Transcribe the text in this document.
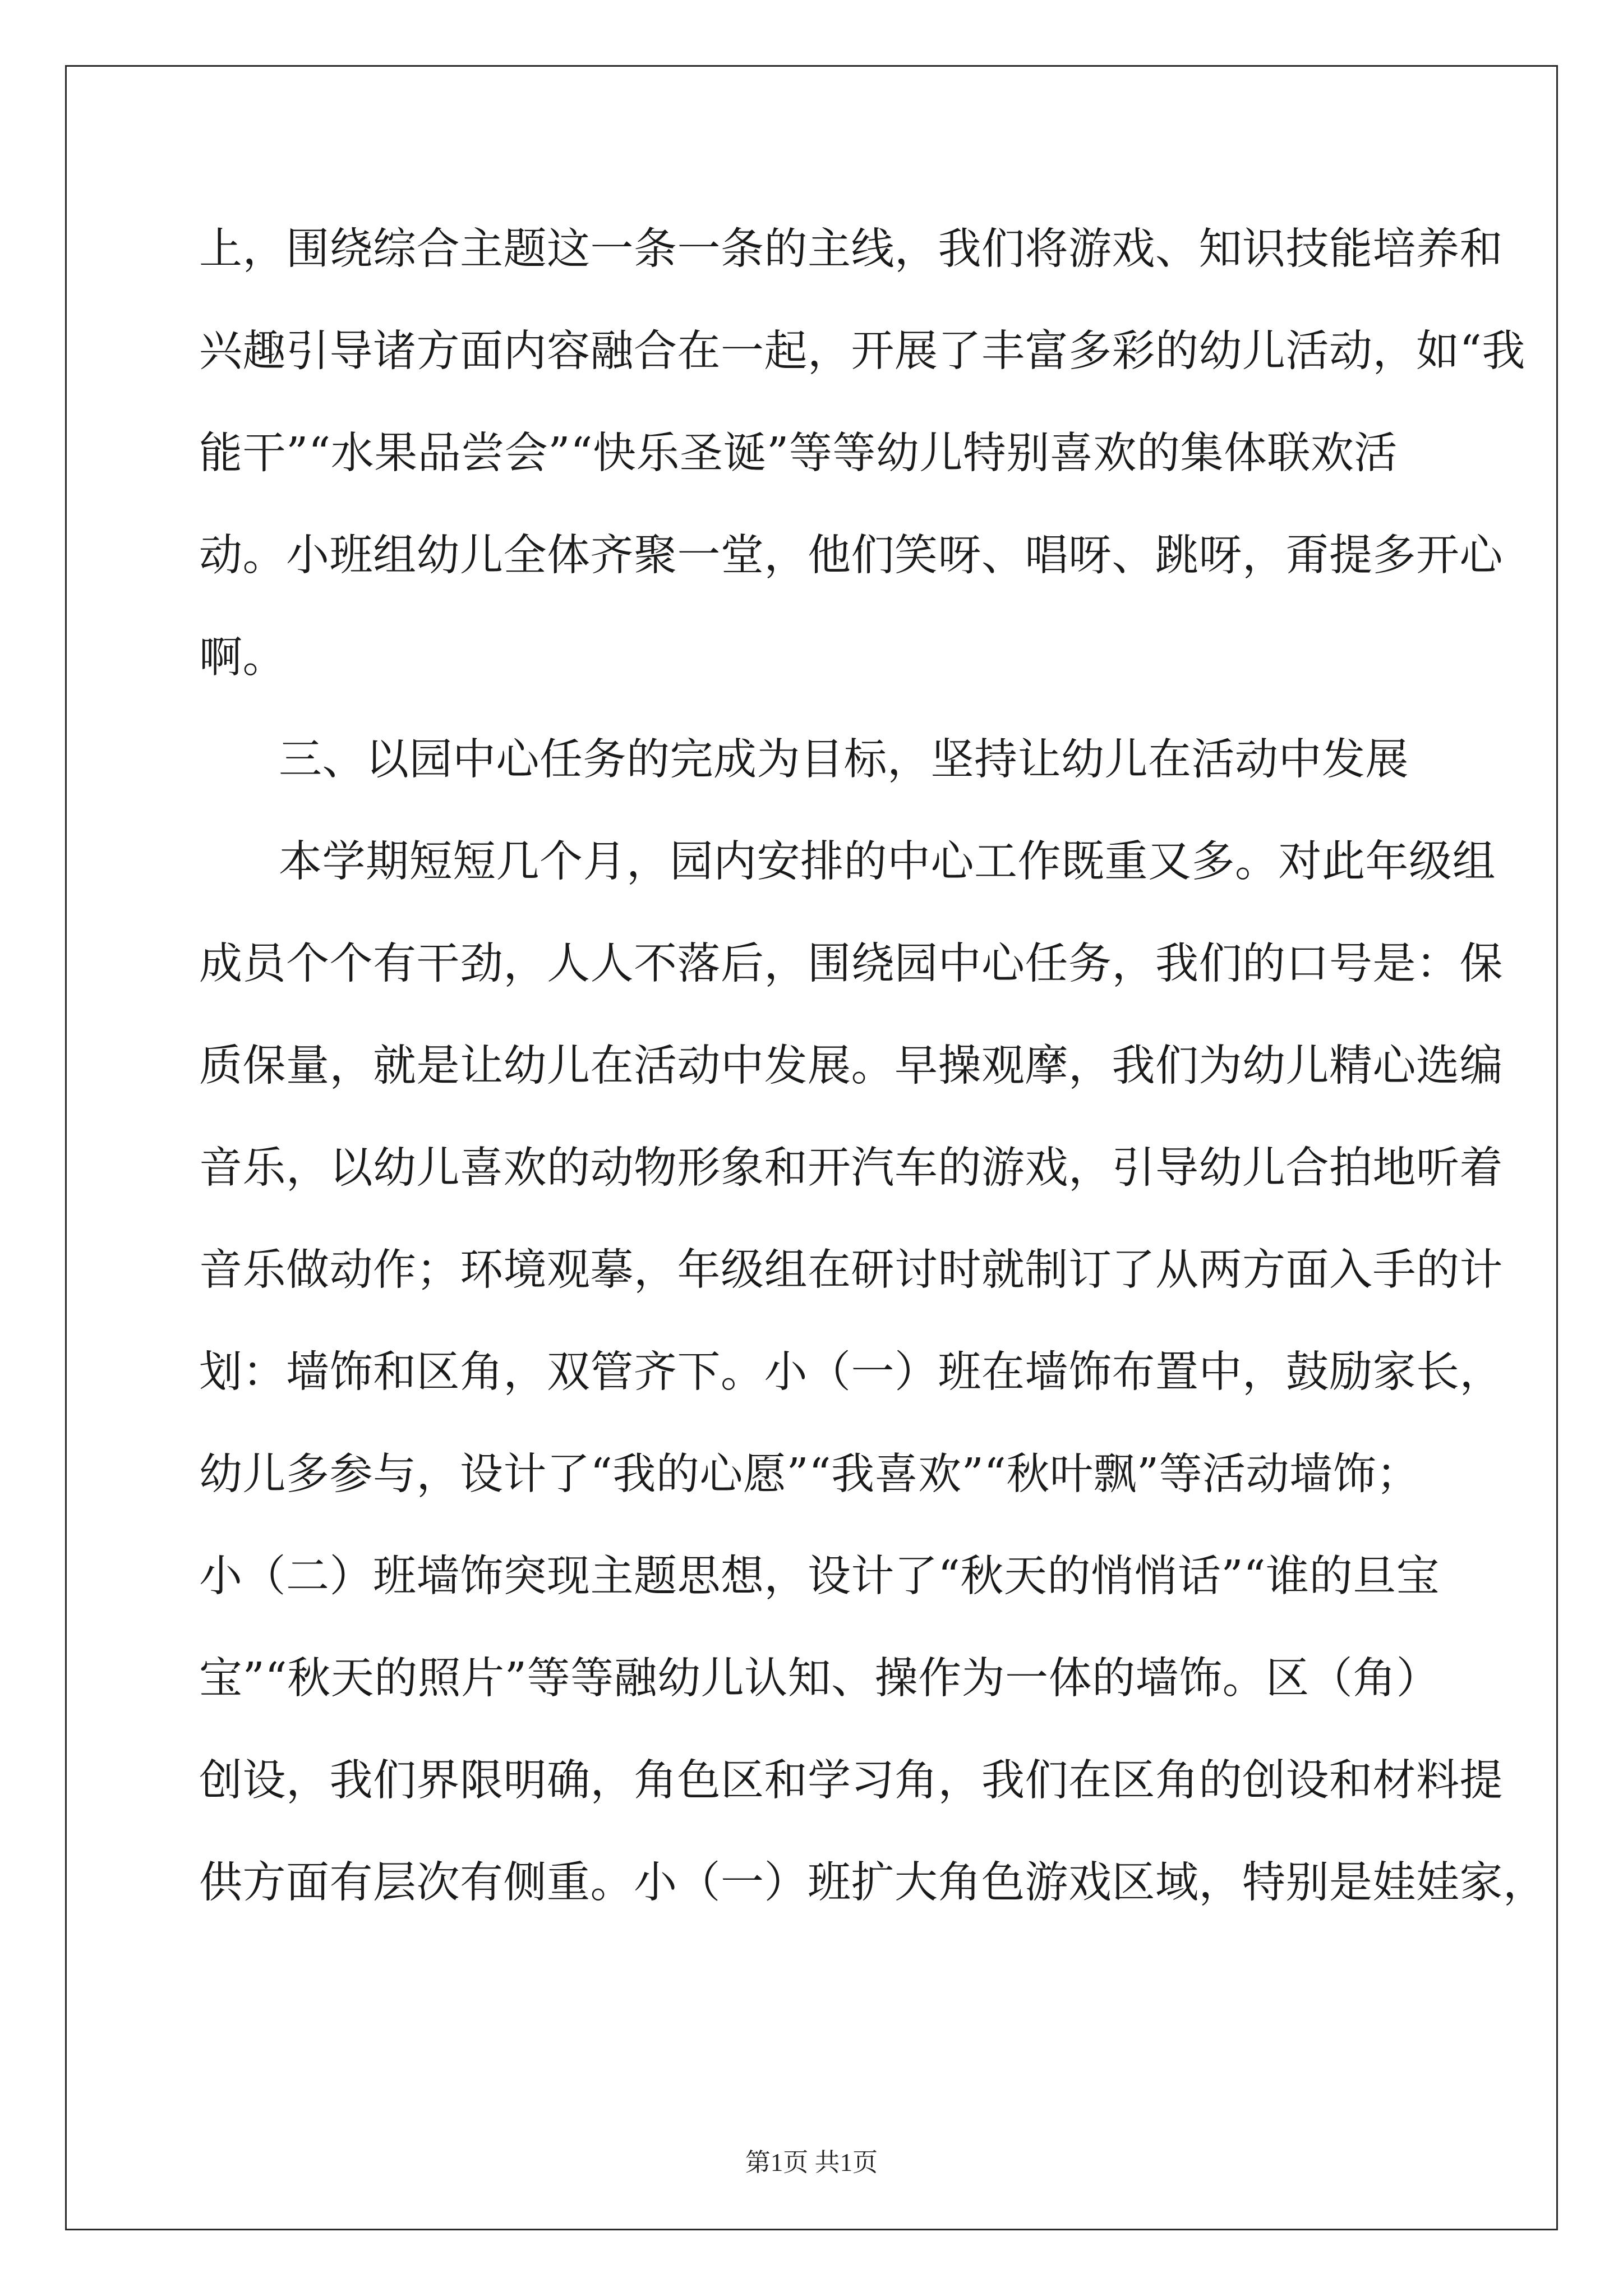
上，围绕综合主题这一条一条的主线，我们将游戏、知识技能培养和
兴趣引导诸方面内容融合在一起，开展了丰富多彩的幼儿活动，如“我
能干”“水果品尝会”“快乐圣诞”等等幼儿特别喜欢的集体联欢活
动。小班组幼儿全体齐聚一堂，他们笑呀、唱呀、跳呀，甭提多开心
啊。
三、以园中心任务的完成为目标，坚持让幼儿在活动中发展
本学期短短几个月，园内安排的中心工作既重又多。对此年级组
成员个个有干劲，人人不落后，围绕园中心任务，我们的口号是：保
质保量，就是让幼儿在活动中发展。早操观摩，我们为幼儿精心选编
音乐，以幼儿喜欢的动物形象和开汽车的游戏，引导幼儿合拍地听着
音乐做动作；环境观摹，年级组在研讨时就制订了从两方面入手的计
划：墙饰和区角，双管齐下。小（一）班在墙饰布置中，鼓励家长，
幼儿多参与，设计了“我的心愿”“我喜欢”“秋叶飘”等活动墙饰；
小（二）班墙饰突现主题思想，设计了“秋天的悄悄话”“谁的旦宝
宝”“秋天的照片”等等融幼儿认知、操作为一体的墙饰。区（角）
创设，我们界限明确，角色区和学习角，我们在区角的创设和材料提
供方面有层次有侧重。小（一）班扩大角色游戏区域，特别是娃娃家，
第1页 共1页
